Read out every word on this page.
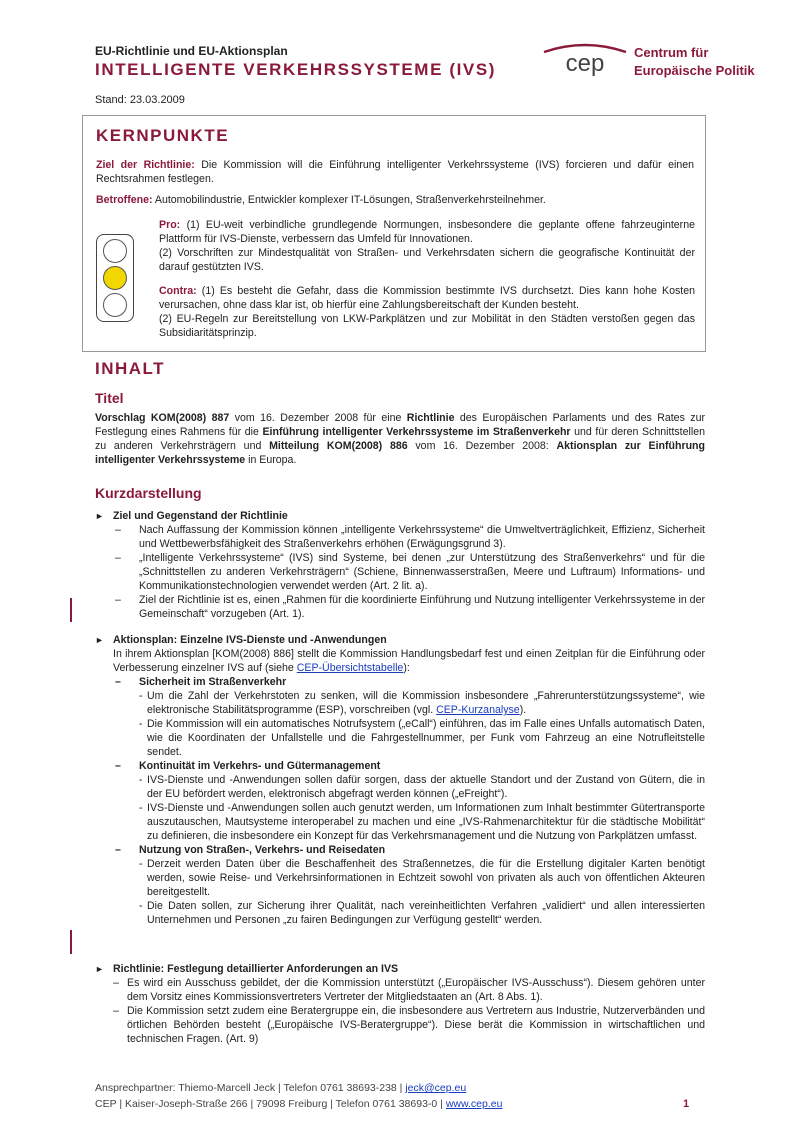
EU-Richtlinie und EU-Aktionsplan
INTELLIGENTE VERKEHRSSYSTEME (IVS)
Stand: 23.03.2009
cep Centrum für
Europäische Politik
KERNPUNKTE
Ziel der Richtlinie: Die Kommission will die Einführung intelligenter Verkehrssysteme (IVS) forcieren und dafür einen Rechtsrahmen festlegen.
Betroffene: Automobilindustrie, Entwickler komplexer IT-Lösungen, Straßenverkehrsteilnehmer.
Pro: (1) EU-weit verbindliche grundlegende Normungen, insbesondere die geplante offene fahrzeuginterne Plattform für IVS-Dienste, verbessern das Umfeld für Innovationen.
(2) Vorschriften zur Mindestqualität von Straßen- und Verkehrsdaten sichern die geografische Kontinuität der darauf gestützten IVS.
Contra: (1) Es besteht die Gefahr, dass die Kommission bestimmte IVS durchsetzt. Dies kann hohe Kosten verursachen, ohne dass klar ist, ob hierfür eine Zahlungsbereitschaft der Kunden besteht.
(2) EU-Regeln zur Bereitstellung von LKW-Parkplätzen und zur Mobilität in den Städten verstoßen gegen das Subsidiaritätsprinzip.
INHALT
Titel
Vorschlag KOM(2008) 887 vom 16. Dezember 2008 für eine Richtlinie des Europäischen Parlaments und des Rates zur Festlegung eines Rahmens für die Einführung intelligenter Verkehrssysteme im Straßenverkehr und für deren Schnittstellen zu anderen Verkehrsträgern und Mitteilung KOM(2008) 886 vom 16. Dezember 2008: Aktionsplan zur Einführung intelligenter Verkehrssysteme in Europa.
Kurzdarstellung
► Ziel und Gegenstand der Richtlinie
– Nach Auffassung der Kommission können „intelligente Verkehrssysteme“ die Umweltverträglichkeit, Effizienz, Sicherheit und Wettbewerbsfähigkeit des Straßenverkehrs erhöhen (Erwägungsgrund 3).
– „Intelligente Verkehrssysteme“ (IVS) sind Systeme, bei denen „zur Unterstützung des Straßenverkehrs“ und für die „Schnittstellen zu anderen Verkehrsträgern“ (Schiene, Binnenwasserstraßen, Meere und Luftraum) Informations- und Kommunikationstechnologien verwendet werden (Art. 2 lit. a).
– Ziel der Richtlinie ist es, einen „Rahmen für die koordinierte Einführung und Nutzung intelligenter Verkehrssysteme in der Gemeinschaft“ vorzugeben (Art. 1).
► Aktionsplan: Einzelne IVS-Dienste und -Anwendungen
In ihrem Aktionsplan [KOM(2008) 886] stellt die Kommission Handlungsbedarf fest und einen Zeitplan für die Einführung oder Verbesserung einzelner IVS auf (siehe CEP-Übersichtstabelle):
– Sicherheit im Straßenverkehr
- Um die Zahl der Verkehrstoten zu senken, will die Kommission insbesondere „Fahrerunterstützungssysteme“, wie elektronische Stabilitätsprogramme (ESP), vorschreiben (vgl. CEP-Kurzanalyse).
- Die Kommission will ein automatisches Notrufsystem („eCall“) einführen, das im Falle eines Unfalls automatisch Daten, wie die Koordinaten der Unfallstelle und die Fahrgestellnummer, per Funk vom Fahrzeug an eine Notrufleitstelle sendet.
– Kontinuität im Verkehrs- und Gütermanagement
- IVS-Dienste und -Anwendungen sollen dafür sorgen, dass der aktuelle Standort und der Zustand von Gütern, die in der EU befördert werden, elektronisch abgefragt werden können („eFreight“).
- IVS-Dienste und -Anwendungen sollen auch genutzt werden, um Informationen zum Inhalt bestimmter Gütertransporte auszutauschen, Mautsysteme interoperabel zu machen und eine „IVS-Rahmenarchitektur für die städtische Mobilität“ zu definieren, die insbesondere ein Konzept für das Verkehrsmanagement und die Nutzung von Parkplätzen umfasst.
– Nutzung von Straßen-, Verkehrs- und Reisedaten
- Derzeit werden Daten über die Beschaffenheit des Straßennetzes, die für die Erstellung digitaler Karten benötigt werden, sowie Reise- und Verkehrsinformationen in Echtzeit sowohl von privaten als auch von öffentlichen Akteuren bereitgestellt.
- Die Daten sollen, zur Sicherung ihrer Qualität, nach vereinheitlichten Verfahren „validiert“ und allen interessierten Unternehmen und Personen „zu fairen Bedingungen zur Verfügung gestellt“ werden.
► Richtlinie: Festlegung detaillierter Anforderungen an IVS
– Es wird ein Ausschuss gebildet, der die Kommission unterstützt („Europäischer IVS-Ausschuss“). Diesem gehören unter dem Vorsitz eines Kommissionsvertreters Vertreter der Mitgliedstaaten an (Art. 8 Abs. 1).
– Die Kommission setzt zudem eine Beratergruppe ein, die insbesondere aus Vertretern aus Industrie, Nutzerverbänden und örtlichen Behörden besteht („Europäische IVS-Beratergruppe“). Diese berät die Kommission in wirtschaftlichen und technischen Fragen. (Art. 9)
Ansprechpartner: Thiemo-Marcell Jeck | Telefon 0761 38693-238 | jeck@cep.eu
CEP | Kaiser-Joseph-Straße 266 | 79098 Freiburg | Telefon 0761 38693-0 | www.cep.eu	1
